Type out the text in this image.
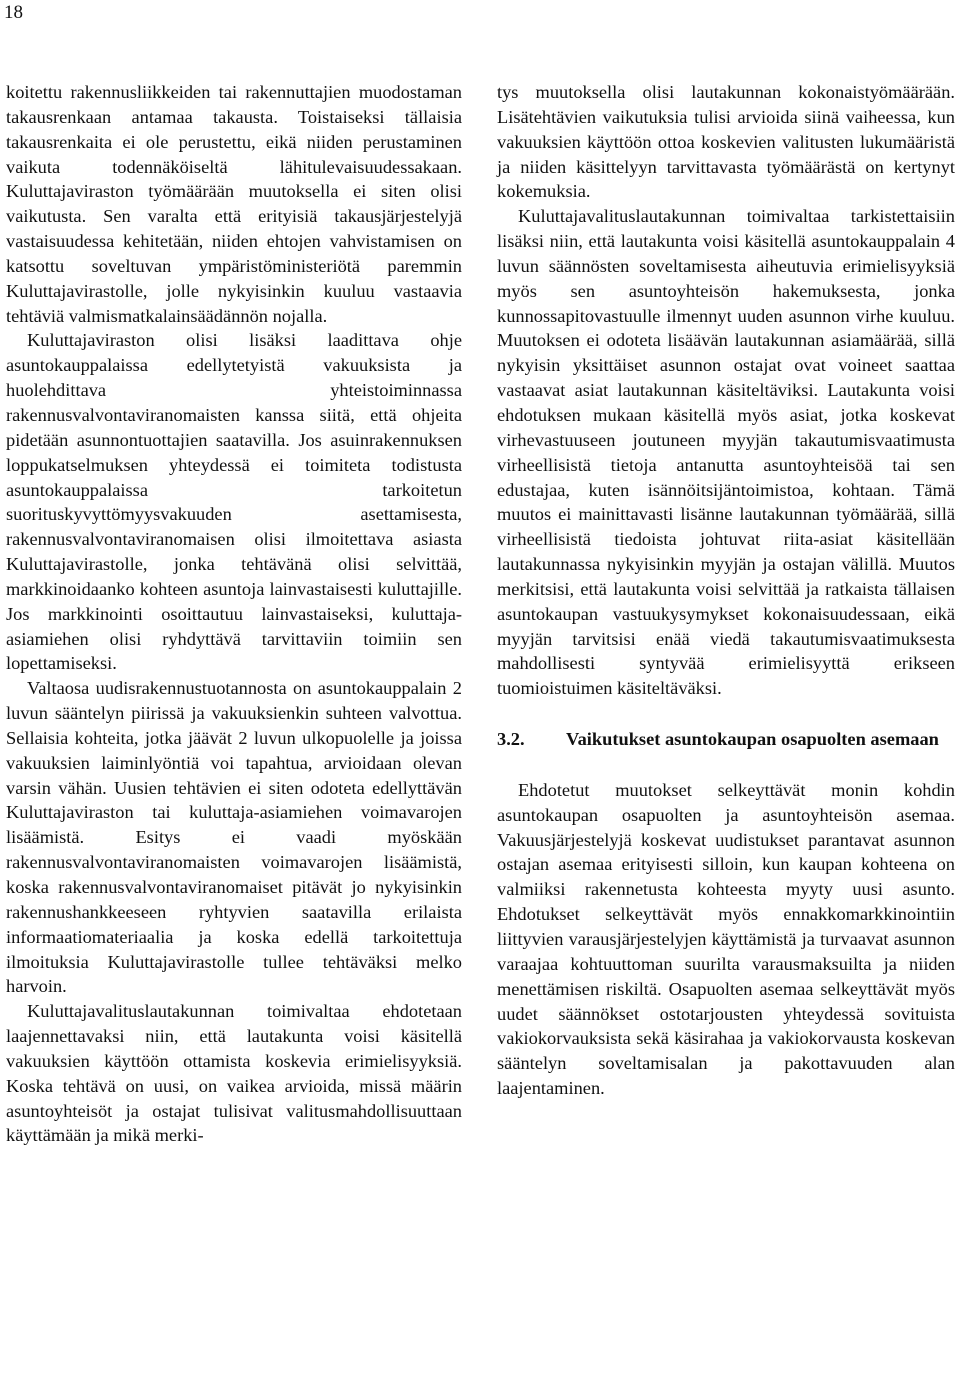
18

koitettu rakennusliikkeiden tai rakennuttajien muodostaman takausrenkaan antamaa takausta. Toistaiseksi tällaisia takausrenkaita ei ole perustettu, eikä niiden perustaminen vaikuta todennäköiseltä lähitulevaisuudessakaan. Kuluttajaviraston työmäärään muutoksella ei siten olisi vaikutusta. Sen varalta että erityisiä takausjärjestelyjä vastaisuudessa kehitetään, niiden ehtojen vahvistamisen on katsottu soveltuvan ympäristöministeriötä paremmin Kuluttajavirastolle, jolle nykyisinkin kuuluu vastaavia tehtäviä valmismatkalainsäädännön nojalla.

Kuluttajaviraston olisi lisäksi laadittava ohje asuntokauppalaissa edellytetyistä vakuuksista ja huolehdittava yhteistoiminnassa rakennusvalvontaviranomaisten kanssa siitä, että ohjeita pidetään asunnontuottajien saatavilla. Jos asuinrakennuksen loppukatselmuksen yhteydessä ei toimiteta todistusta asuntokauppalaissa tarkoitetun suorituskyvyttömyysvakuuden asettamisesta, rakennusvalvontaviranomaisen olisi ilmoitettava asiasta Kuluttajavirastolle, jonka tehtävänä olisi selvittää, markkinoidaanko kohteen asuntoja lainvastaisesti kuluttajille. Jos markkinointi osoittautuu lainvastaiseksi, kuluttaja-asiamiehen olisi ryhdyttävä tarvittaviin toimiin sen lopettamiseksi.

Valtaosa uudisrakennustuotannosta on asuntokauppalain 2 luvun sääntelyn piirissä ja vakuuksienkin suhteen valvottua. Sellaisia kohteita, jotka jäävät 2 luvun ulkopuolelle ja joissa vakuuksien laiminlyöntiä voi tapahtua, arvioidaan olevan varsin vähän. Uusien tehtävien ei siten odoteta edellyttävän Kuluttajaviraston tai kuluttaja-asiamiehen voimavarojen lisäämistä. Esitys ei vaadi myöskään rakennusvalvontaviranomaisten voimavarojen lisäämistä, koska rakennusvalvontaviranomaiset pitävät jo nykyisinkin rakennushankkeeseen ryhtyvien saatavilla erilaista informaatiomateriaalia ja koska edellä tarkoitettuja ilmoituksia Kuluttajavirastolle tullee tehtäväksi melko harvoin.

Kuluttajavalituslautakunnan toimivaltaa ehdotetaan laajennettavaksi niin, että lautakunta voisi käsitellä vakuuksien käyttöön ottamista koskevia erimielisyyksiä. Koska tehtävä on uusi, on vaikea arvioida, missä määrin asuntoyhteisöt ja ostajat tulisivat valitusmahdollisuuttaan käyttämään ja mikä merki-

tys muutoksella olisi lautakunnan kokonaistyömäärään. Lisätehtävien vaikutuksia tulisi arvioida siinä vaiheessa, kun vakuuksien käyttöön ottoa koskevien valitusten lukumääristä ja niiden käsittelyyn tarvittavasta työmäärästä on kertynyt kokemuksia.

Kuluttajavalituslautakunnan toimivaltaa tarkistettaisiin lisäksi niin, että lautakunta voisi käsitellä asuntokauppalain 4 luvun säännösten soveltamisesta aiheutuvia erimielisyyksiä myös sen asuntoyhteisön hakemuksesta, jonka kunnossapitovastuulle ilmennyt uuden asunnon virhe kuuluu. Muutoksen ei odoteta lisäävän lautakunnan asiamäärää, sillä nykyisin yksittäiset asunnon ostajat ovat voineet saattaa vastaavat asiat lautakunnan käsiteltäviksi. Lautakunta voisi ehdotuksen mukaan käsitellä myös asiat, jotka koskevat virhevastuuseen joutuneen myyjän takautumisvaatimusta virheellisistä tietoja antanutta asuntoyhteisöä tai sen edustajaa, kuten isännöitsijäntoimistoa, kohtaan. Tämä muutos ei mainittavasti lisänne lautakunnan työmäärää, sillä virheellisistä tiedoista johtuvat riita-asiat käsitellään lautakunnassa nykyisinkin myyjän ja ostajan välillä. Muutos merkitsisi, että lautakunta voisi selvittää ja ratkaista tällaisen asuntokaupan vastuukysymykset kokonaisuudessaan, eikä myyjän tarvitsisi enää viedä takautumisvaatimuksesta mahdollisesti syntyvää erimielisyyttä erikseen tuomioistuimen käsiteltäväksi.

3.2.	Vaikutukset asuntokaupan osapuolten asemaan

Ehdotetut muutokset selkeyttävät monin kohdin asuntokaupan osapuolten ja asuntoyhteisön asemaa. Vakuusjärjestelyjä koskevat uudistukset parantavat asunnon ostajan asemaa erityisesti silloin, kun kaupan kohteena on valmiiksi rakennetusta kohteesta myyty uusi asunto. Ehdotukset selkeyttävät myös ennakkomarkkinointiin liittyvien varausjärjestelyjen käyttämistä ja turvaavat asunnon varaajaa kohtuuttoman suurilta varausmaksuilta ja niiden menettämisen riskiltä. Osapuolten asemaa selkeyttävät myös uudet säännökset ostotarjousten yhteydessä sovituista vakiokorvauksista sekä käsirahaa ja vakiokorvausta koskevan sääntelyn soveltamisalan ja pakottavuuden alan laajentaminen.
